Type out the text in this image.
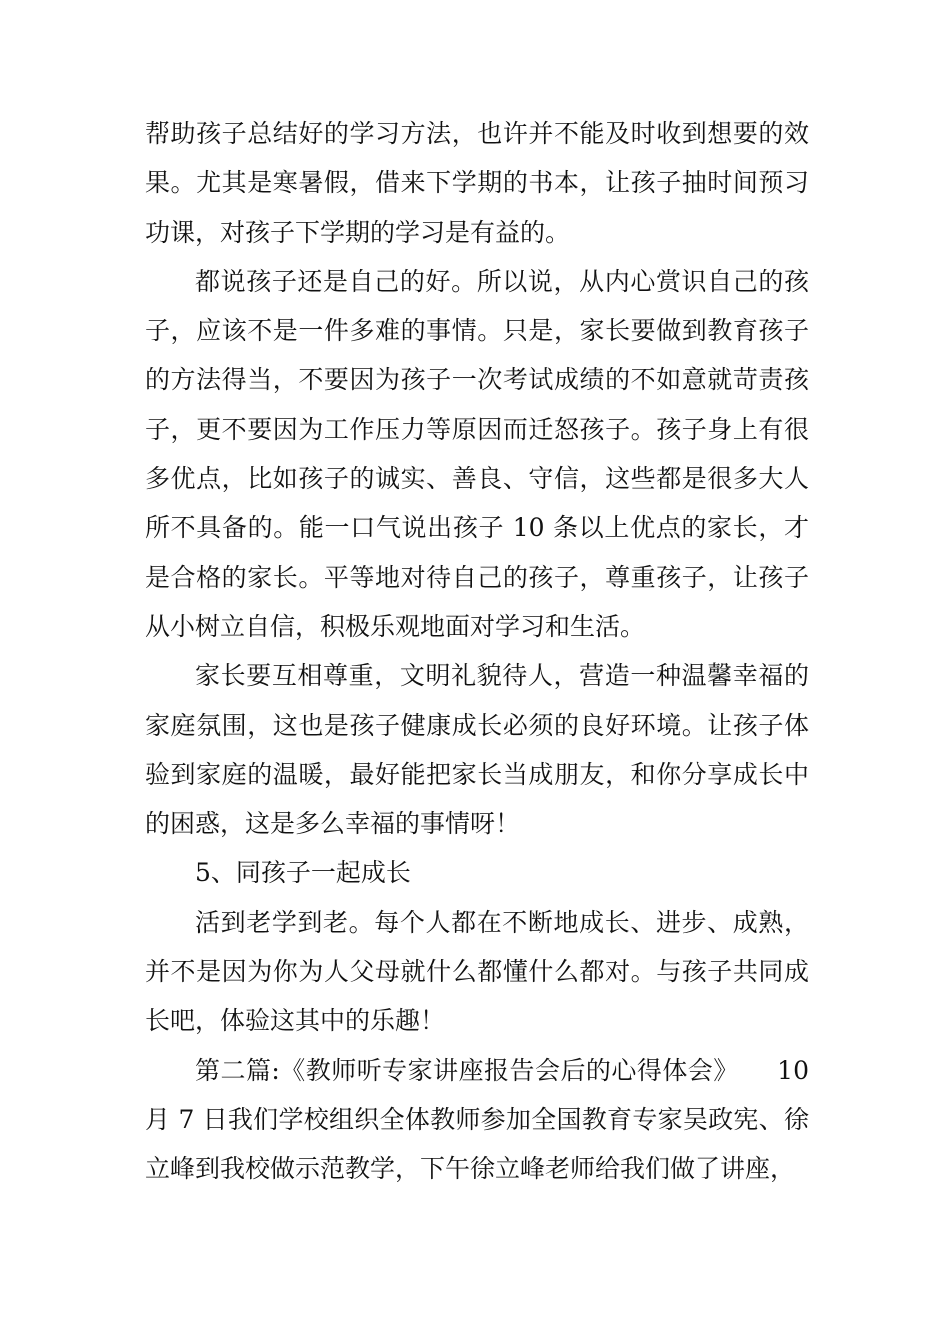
帮助孩子总结好的学习方法，也许并不能及时收到想要的效果。尤其是寒暑假，借来下学期的书本，让孩子抽时间预习功课，对孩子下学期的学习是有益的。

都说孩子还是自己的好。所以说，从内心赏识自己的孩子，应该不是一件多难的事情。只是，家长要做到教育孩子的方法得当，不要因为孩子一次考试成绩的不如意就苛责孩子，更不要因为工作压力等原因而迁怒孩子。孩子身上有很多优点，比如孩子的诚实、善良、守信，这些都是很多大人所不具备的。能一口气说出孩子 10 条以上优点的家长，才是合格的家长。平等地对待自己的孩子，尊重孩子，让孩子从小树立自信，积极乐观地面对学习和生活。

家长要互相尊重，文明礼貌待人，营造一种温馨幸福的家庭氛围，这也是孩子健康成长必须的良好环境。让孩子体验到家庭的温暖，最好能把家长当成朋友，和你分享成长中的困惑，这是多么幸福的事情呀！

5、同孩子一起成长

活到老学到老。每个人都在不断地成长、进步、成熟，并不是因为你为人父母就什么都懂什么都对。与孩子共同成长吧，体验这其中的乐趣！

第二篇:《教师听专家讲座报告会后的心得体会》　　10月 7 日我们学校组织全体教师参加全国教育专家吴政宪、徐立峰到我校做示范教学，下午徐立峰老师给我们做了讲座，
